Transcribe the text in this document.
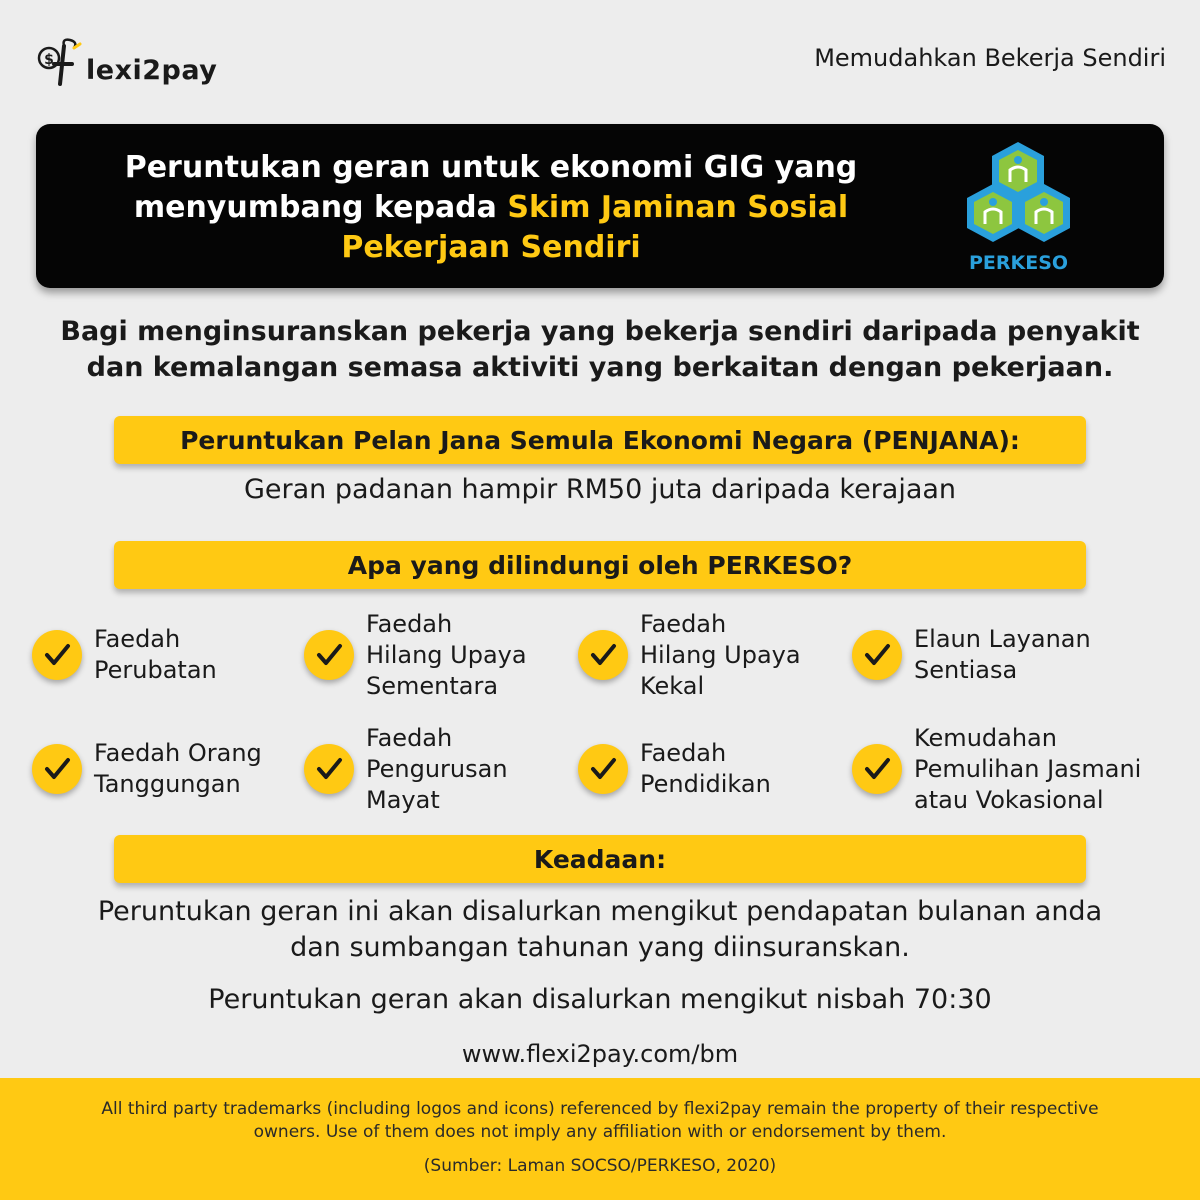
$ lexi2pay	Memudahkan Bekerja Sendiri
Peruntukan geran untuk ekonomi GIG yang
menyumbang kepada Skim Jaminan Sosial
Pekerjaan Sendiri	PERKESO
Bagi menginsuranskan pekerja yang bekerja sendiri daripada penyakit
dan kemalangan semasa aktiviti yang berkaitan dengan pekerjaan.
Peruntukan Pelan Jana Semula Ekonomi Negara (PENJANA):
Geran padanan hampir RM50 juta daripada kerajaan
Apa yang dilindungi oleh PERKESO?
Faedah
Perubatan
Faedah
Hilang Upaya
Sementara
Faedah
Hilang Upaya
Kekal
Elaun Layanan
Sentiasa
Faedah Orang
Tanggungan
Faedah
Pengurusan
Mayat
Faedah
Pendidikan
Kemudahan
Pemulihan Jasmani
atau Vokasional
Keadaan:
Peruntukan geran ini akan disalurkan mengikut pendapatan bulanan anda
dan sumbangan tahunan yang diinsuranskan.
Peruntukan geran akan disalurkan mengikut nisbah 70:30
www.flexi2pay.com/bm
All third party trademarks (including logos and icons) referenced by flexi2pay remain the property of their respective
owners. Use of them does not imply any affiliation with or endorsement by them.
(Sumber: Laman SOCSO/PERKESO, 2020)
